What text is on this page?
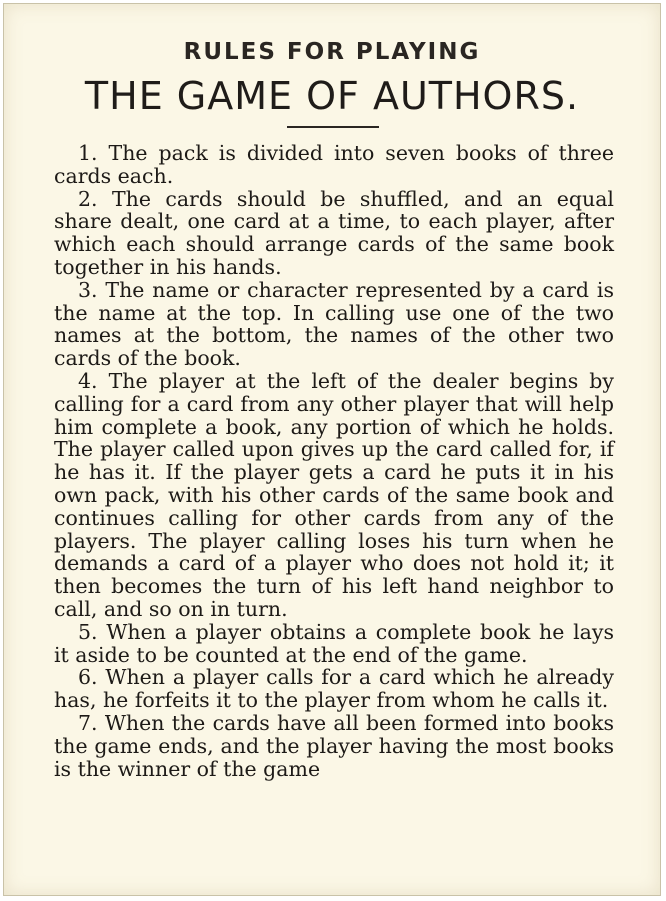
RULES FOR PLAYING
THE GAME OF AUTHORS.
1. The pack is divided into seven books of three cards each.
2. The cards should be shuffled, and an equal share dealt, one card at a time, to each player, after which each should arrange cards of the same book together in his hands.
3. The name or character represented by a card is the name at the top. In calling use one of the two names at the bottom, the names of the other two cards of the book.
4. The player at the left of the dealer begins by calling for a card from any other player that will help him complete a book, any portion of which he holds. The player called upon gives up the card called for, if he has it. If the player gets a card he puts it in his own pack, with his other cards of the same book and continues calling for other cards from any of the players. The player calling loses his turn when he demands a card of a player who does not hold it; it then becomes the turn of his left hand neighbor to call, and so on in turn.
5. When a player obtains a complete book he lays it aside to be counted at the end of the game.
6. When a player calls for a card which he already has, he forfeits it to the player from whom he calls it.
7. When the cards have all been formed into books the game ends, and the player having the most books is the winner of the game
